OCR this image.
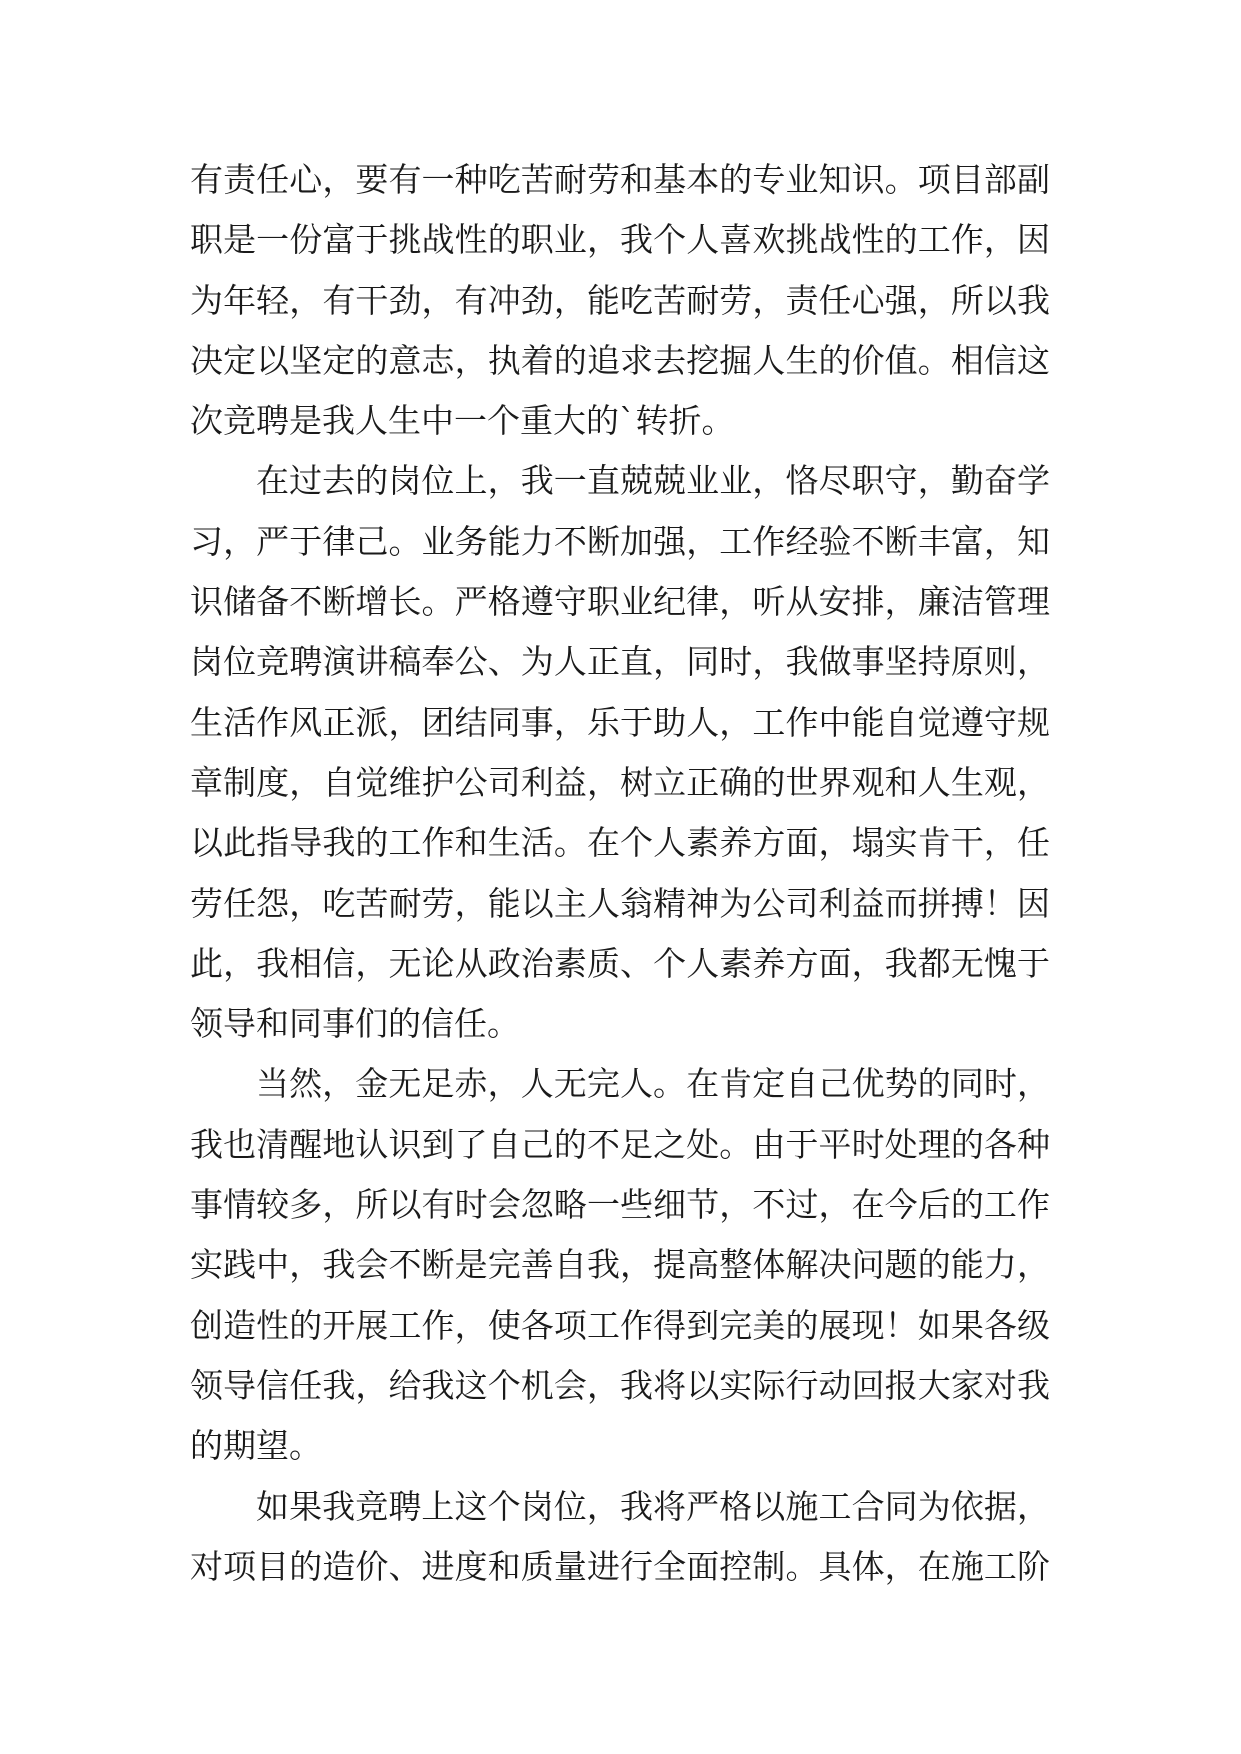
有责任心，要有一种吃苦耐劳和基本的专业知识。项目部副
职是一份富于挑战性的职业，我个人喜欢挑战性的工作，因
为年轻，有干劲，有冲劲，能吃苦耐劳，责任心强，所以我
决定以坚定的意志，执着的追求去挖掘人生的价值。相信这
次竞聘是我人生中一个重大的`转折。
在过去的岗位上，我一直兢兢业业，恪尽职守，勤奋学
习，严于律己。业务能力不断加强，工作经验不断丰富，知
识储备不断增长。严格遵守职业纪律，听从安排，廉洁管理
岗位竞聘演讲稿奉公、为人正直，同时，我做事坚持原则，
生活作风正派，团结同事，乐于助人，工作中能自觉遵守规
章制度，自觉维护公司利益，树立正确的世界观和人生观，
以此指导我的工作和生活。在个人素养方面，塌实肯干，任
劳任怨，吃苦耐劳，能以主人翁精神为公司利益而拼搏！因
此，我相信，无论从政治素质、个人素养方面，我都无愧于
领导和同事们的信任。
当然，金无足赤，人无完人。在肯定自己优势的同时，
我也清醒地认识到了自己的不足之处。由于平时处理的各种
事情较多，所以有时会忽略一些细节，不过，在今后的工作
实践中，我会不断是完善自我，提高整体解决问题的能力，
创造性的开展工作，使各项工作得到完美的展现！如果各级
领导信任我，给我这个机会，我将以实际行动回报大家对我
的期望。
如果我竞聘上这个岗位，我将严格以施工合同为依据，
对项目的造价、进度和质量进行全面控制。具体，在施工阶
